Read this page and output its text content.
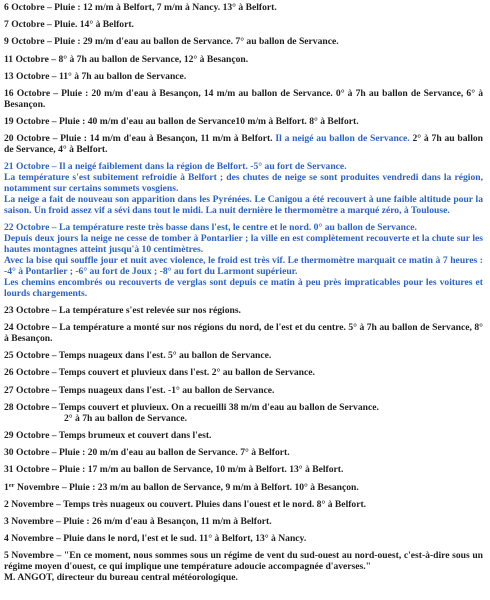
6 Octobre – Pluie : 12 m/m à Belfort, 7 m/m à Nancy. 13° à Belfort.
7 Octobre – Pluie. 14° à Belfort.
9 Octobre – Pluie : 29 m/m d'eau au ballon de Servance. 7° au ballon de Servance.
11 Octobre – 8° à 7h au ballon de Servance, 12° à Besançon.
13 Octobre – 11° à 7h au ballon de Servance.
16 Octobre – Pluie : 20 m/m d'eau à Besançon, 14 m/m au ballon de Servance. 0° à 7h au ballon de Servance, 6° à Besançon.
19 Octobre – Pluie : 40 m/m d'eau au ballon de Servance10 m/m à Belfort. 8° à Belfort.
20 Octobre – Pluie : 14 m/m d'eau à Besançon, 11 m/m à Belfort. Il a neigé au ballon de Servance. 2° à 7h au ballon de Servance, 4° à Belfort.

21 Octobre – Il a neigé faiblement dans la région de Belfort. -5° au fort de Servance.

La température s'est subitement refroidie à Belfort ; des chutes de neige se sont produites vendredi dans la région, notamment sur certains sommets vosgiens.

La neige a fait de nouveau son apparition dans les Pyrénées. Le Canigou a été recouvert à une faible altitude pour la saison. Un froid assez vif a sévi dans tout le midi. La nuit dernière le thermomètre a marqué zéro, à Toulouse.

22 Octobre – La température reste très basse dans l'est, le centre et le nord. 0° au ballon de Servance.

Depuis deux jours la neige ne cesse de tomber à Pontarlier ; la ville en est complètement recouverte et la chute sur les hautes montagnes atteint jusqu'à 10 centimètres.

Avec la bise qui souffle jour et nuit avec violence, le froid est très vif. Le thermomètre marquait ce matin à 7 heures : -4° à Pontarlier ; -6° au fort de Joux ; -8° au fort du Larmont supérieur.

Les chemins encombrés ou recouverts de verglas sont depuis ce matin à peu près impraticables pour les voitures et lourds chargements.

23 Octobre – La température s'est relevée sur nos régions.
24 Octobre – La température a monté sur nos régions du nord, de l'est et du centre. 5° à 7h au ballon de Servance, 8° à Besançon.
25 Octobre – Temps nuageux dans l'est. 5° au ballon de Servance.
26 Octobre – Temps couvert et pluvieux dans l'est. 2° au ballon de Servance.
27 Octobre – Temps nuageux dans l'est. -1° au ballon de Servance.
28 Octobre – Temps couvert et pluvieux. On a recueilli 38 m/m d'eau au ballon de Servance.
2° à 7h au ballon de Servance.
29 Octobre – Temps brumeux et couvert dans l'est.
30 Octobre – Pluie : 20 m/m d'eau au ballon de Servance. 7° à Belfort.
31 Octobre – Pluie : 17 m/m au ballon de Servance, 10 m/m à Belfort. 13° à Belfort.
1er Novembre – Pluie : 23 m/m au ballon de Servance, 9 m/m à Belfort. 10° à Besançon.
2 Novembre – Temps très nuageux ou couvert. Pluies dans l'ouest et le nord. 8° à Belfort.
3 Novembre – Pluie : 26 m/m d'eau à Besançon, 11 m/m à Belfort.
4 Novembre – Pluie dans le nord, l'est et le sud. 11° à Belfort, 13° à Nancy.

5 Novembre – "En ce moment, nous sommes sous un régime de vent du sud-ouest au nord-ouest, c'est-à-dire sous un régime moyen d'ouest, ce qui implique une température adoucie accompagnée d'averses."

M. ANGOT, directeur du bureau central météorologique.
